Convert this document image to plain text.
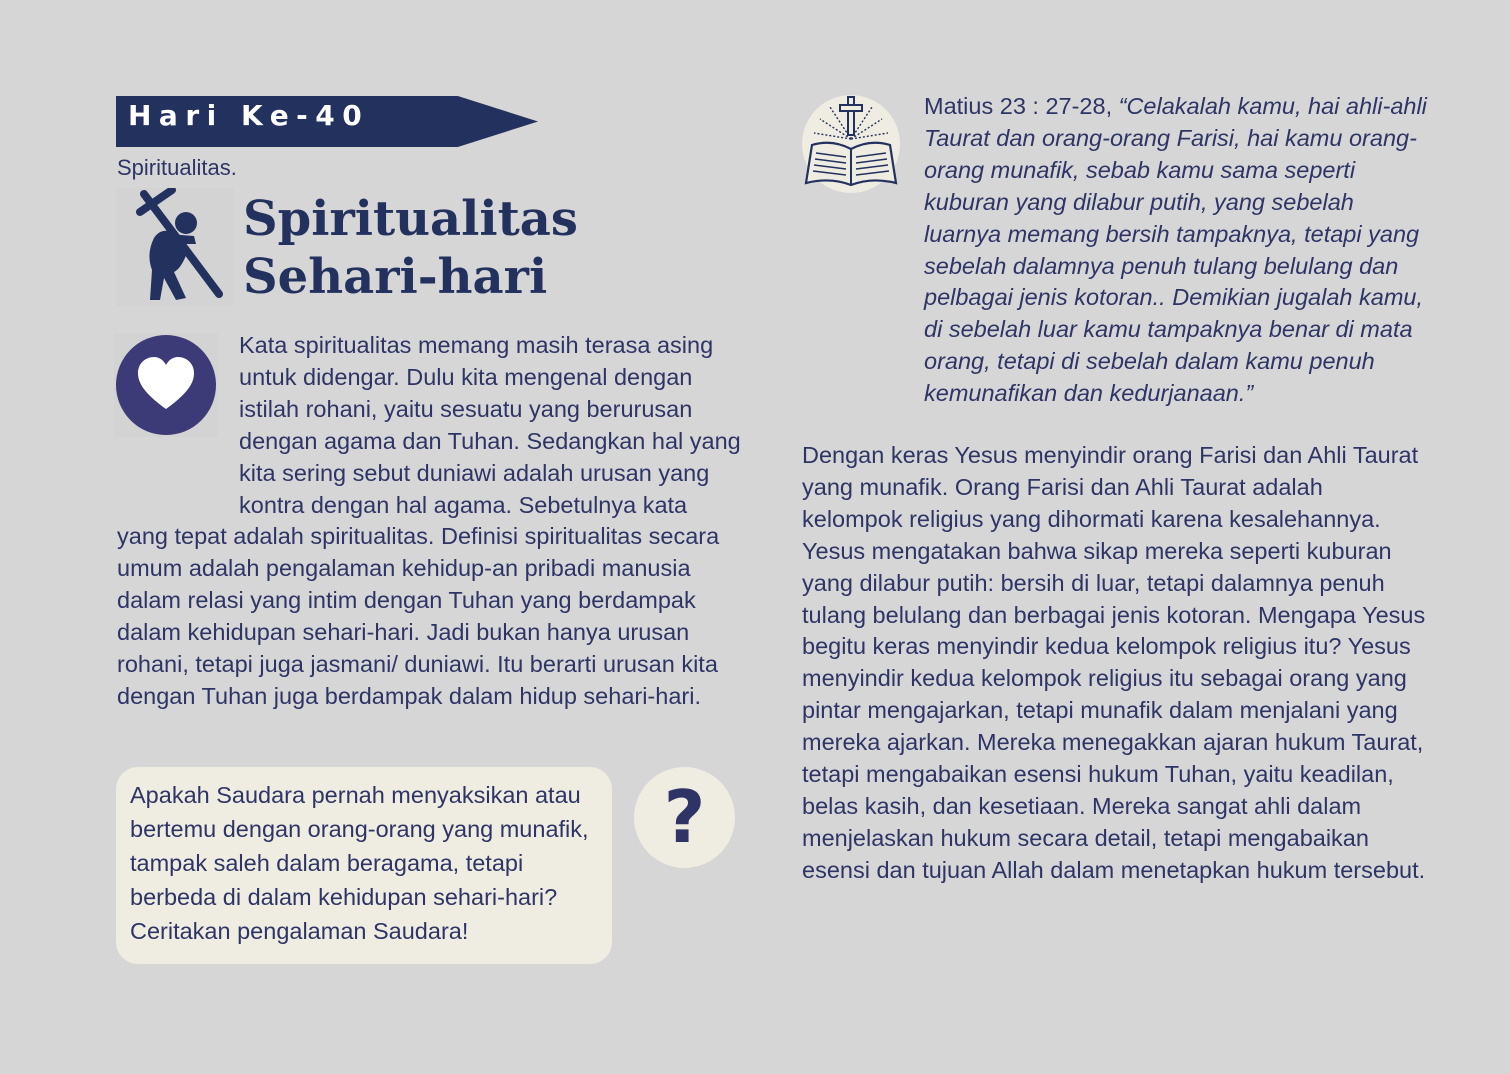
Hari Ke-40
Spiritualitas.
Spiritualitas
Sehari-hari
Kata spiritualitas memang masih terasa asing untuk didengar. Dulu kita mengenal dengan istilah rohani, yaitu sesuatu yang berurusan dengan agama dan Tuhan. Sedangkan hal yang kita sering sebut duniawi adalah urusan yang kontra dengan hal agama. Sebetulnya kata yang tepat adalah spiritualitas. Definisi spiritualitas secara umum adalah pengalaman kehidup-an pribadi manusia dalam relasi yang intim dengan Tuhan yang berdampak dalam kehidupan sehari-hari. Jadi bukan hanya urusan rohani, tetapi juga jasmani/ duniawi. Itu berarti urusan kita dengan Tuhan juga berdampak dalam hidup sehari-hari.
Apakah Saudara pernah menyaksikan atau bertemu dengan orang-orang yang munafik, tampak saleh dalam beragama, tetapi berbeda di dalam kehidupan sehari-hari? Ceritakan pengalaman Saudara!
?
Matius 23 : 27-28, “Celakalah kamu, hai ahli-ahli Taurat dan orang-orang Farisi, hai kamu orang-orang munafik, sebab kamu sama seperti kuburan yang dilabur putih, yang sebelah luarnya memang bersih tampaknya, tetapi yang sebelah dalamnya penuh tulang belulang dan pelbagai jenis kotoran.. Demikian jugalah kamu, di sebelah luar kamu tampaknya benar di mata orang, tetapi di sebelah dalam kamu penuh kemunafikan dan kedurjanaan.”
Dengan keras Yesus menyindir orang Farisi dan Ahli Taurat yang munafik. Orang Farisi dan Ahli Taurat adalah kelompok religius yang dihormati karena kesalehannya. Yesus mengatakan bahwa sikap mereka seperti kuburan yang dilabur putih: bersih di luar, tetapi dalamnya penuh tulang belulang dan berbagai jenis kotoran. Mengapa Yesus begitu keras menyindir kedua kelompok religius itu? Yesus menyindir kedua kelompok religius itu sebagai orang yang pintar mengajarkan, tetapi munafik dalam menjalani yang mereka ajarkan. Mereka menegakkan ajaran hukum Taurat, tetapi mengabaikan esensi hukum Tuhan, yaitu keadilan, belas kasih, dan kesetiaan. Mereka sangat ahli dalam menjelaskan hukum secara detail, tetapi mengabaikan esensi dan tujuan Allah dalam menetapkan hukum tersebut.
